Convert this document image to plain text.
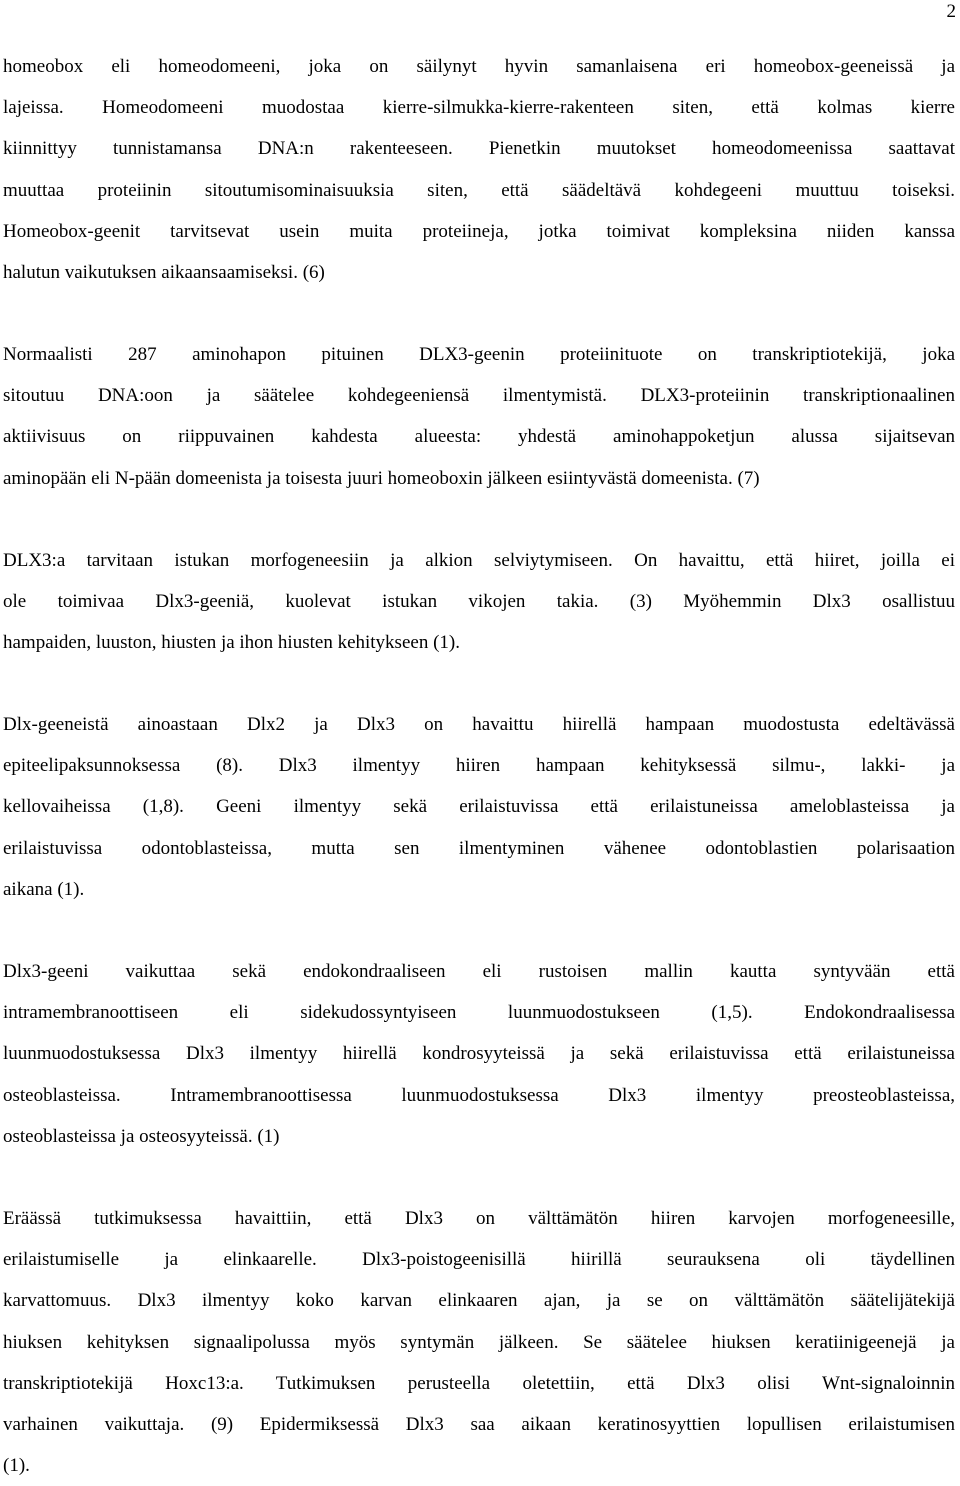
2

homeobox eli homeodomeeni, joka on säilynyt hyvin samanlaisena eri homeobox-geeneissä ja
lajeissa. Homeodomeeni muodostaa kierre-silmukka-kierre-rakenteen siten, että kolmas kierre
kiinnittyy tunnistamansa DNA:n rakenteeseen. Pienetkin muutokset homeodomeenissa saattavat
muuttaa proteiinin sitoutumisominaisuuksia siten, että säädeltävä kohdegeeni muuttuu toiseksi.
Homeobox-geenit tarvitsevat usein muita proteiineja, jotka toimivat kompleksina niiden kanssa
halutun vaikutuksen aikaansaamiseksi. (6)

Normaalisti 287 aminohapon pituinen DLX3-geenin proteiinituote on transkriptiotekijä, joka
sitoutuu DNA:oon ja säätelee kohdegeeniensä ilmentymistä. DLX3-proteiinin transkriptionaalinen
aktiivisuus on riippuvainen kahdesta alueesta: yhdestä aminohappoketjun alussa sijaitsevan
aminopään eli N-pään domeenista ja toisesta juuri homeoboxin jälkeen esiintyvästä domeenista. (7)

DLX3:a tarvitaan istukan morfogeneesiin ja alkion selviytymiseen. On havaittu, että hiiret, joilla ei
ole toimivaa Dlx3-geeniä, kuolevat istukan vikojen takia. (3) Myöhemmin Dlx3 osallistuu
hampaiden, luuston, hiusten ja ihon hiusten kehitykseen (1).

Dlx-geeneistä ainoastaan Dlx2 ja Dlx3 on havaittu hiirellä hampaan muodostusta edeltävässä
epiteelipaksunnoksessa (8). Dlx3 ilmentyy hiiren hampaan kehityksessä silmu-, lakki- ja
kellovaiheissa (1,8). Geeni ilmentyy sekä erilaistuvissa että erilaistuneissa ameloblasteissa ja
erilaistuvissa odontoblasteissa, mutta sen ilmentyminen vähenee odontoblastien polarisaation
aikana (1).

Dlx3-geeni vaikuttaa sekä endokondraaliseen eli rustoisen mallin kautta syntyvään että
intramembranoottiseen eli sidekudossyntyiseen luunmuodostukseen (1,5). Endokondraalisessa
luunmuodostuksessa Dlx3 ilmentyy hiirellä kondrosyyteissä ja sekä erilaistuvissa että erilaistuneissa
osteoblasteissa. Intramembranoottisessa luunmuodostuksessa Dlx3 ilmentyy preosteoblasteissa,
osteoblasteissa ja osteosyyteissä. (1)

Eräässä tutkimuksessa havaittiin, että Dlx3 on välttämätön hiiren karvojen morfogeneesille,
erilaistumiselle ja elinkaarelle. Dlx3-poistogeenisillä hiirillä seurauksena oli täydellinen
karvattomuus. Dlx3 ilmentyy koko karvan elinkaaren ajan, ja se on välttämätön säätelijätekijä
hiuksen kehityksen signaalipolussa myös syntymän jälkeen. Se säätelee hiuksen keratiinigeenejä ja
transkriptiotekijä Hoxc13:a. Tutkimuksen perusteella oletettiin, että Dlx3 olisi Wnt-signaloinnin
varhainen vaikuttaja. (9) Epidermiksessä Dlx3 saa aikaan keratinosyyttien lopullisen erilaistumisen
(1).
